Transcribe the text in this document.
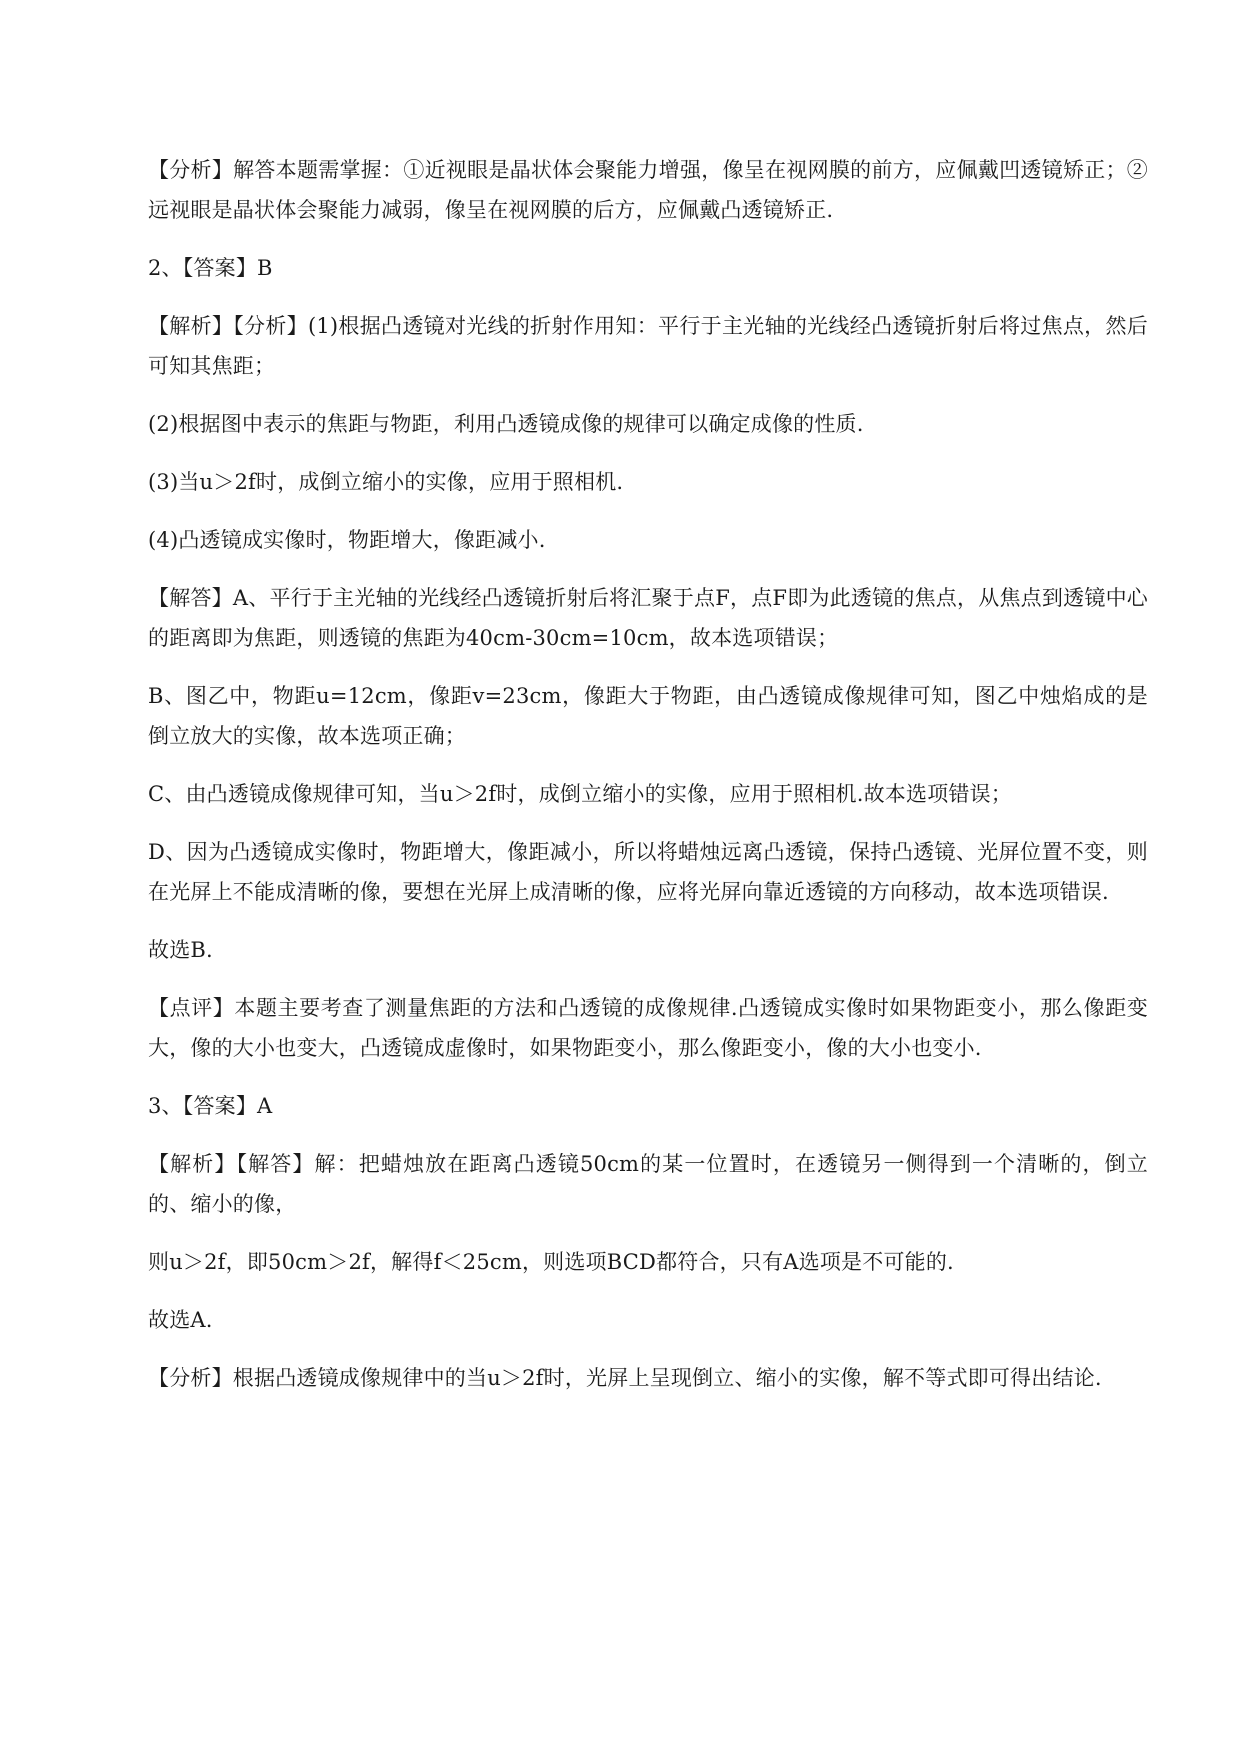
【分析】解答本题需掌握：①近视眼是晶状体会聚能力增强，像呈在视网膜的前方，应佩戴凹透镜矫正；②远视眼是晶状体会聚能力减弱，像呈在视网膜的后方，应佩戴凸透镜矫正.

2、【答案】B

【解析】【分析】(1)根据凸透镜对光线的折射作用知：平行于主光轴的光线经凸透镜折射后将过焦点，然后可知其焦距；

(2)根据图中表示的焦距与物距，利用凸透镜成像的规律可以确定成像的性质.

(3)当u＞2f时，成倒立缩小的实像，应用于照相机.

(4)凸透镜成实像时，物距增大，像距减小.

【解答】A、平行于主光轴的光线经凸透镜折射后将汇聚于点F，点F即为此透镜的焦点，从焦点到透镜中心的距离即为焦距，则透镜的焦距为40cm-30cm=10cm，故本选项错误；

B、图乙中，物距u=12cm，像距v=23cm，像距大于物距，由凸透镜成像规律可知，图乙中烛焰成的是倒立放大的实像，故本选项正确；

C、由凸透镜成像规律可知，当u＞2f时，成倒立缩小的实像，应用于照相机.故本选项错误；

D、因为凸透镜成实像时，物距增大，像距减小，所以将蜡烛远离凸透镜，保持凸透镜、光屏位置不变，则在光屏上不能成清晰的像，要想在光屏上成清晰的像，应将光屏向靠近透镜的方向移动，故本选项错误.

故选B.

【点评】本题主要考查了测量焦距的方法和凸透镜的成像规律.凸透镜成实像时如果物距变小，那么像距变大，像的大小也变大，凸透镜成虚像时，如果物距变小，那么像距变小，像的大小也变小.

3、【答案】A

【解析】【解答】解：把蜡烛放在距离凸透镜50cm的某一位置时，在透镜另一侧得到一个清晰的，倒立的、缩小的像，

则u＞2f，即50cm＞2f，解得f＜25cm，则选项BCD都符合，只有A选项是不可能的.

故选A.

【分析】根据凸透镜成像规律中的当u＞2f时，光屏上呈现倒立、缩小的实像，解不等式即可得出结论.
